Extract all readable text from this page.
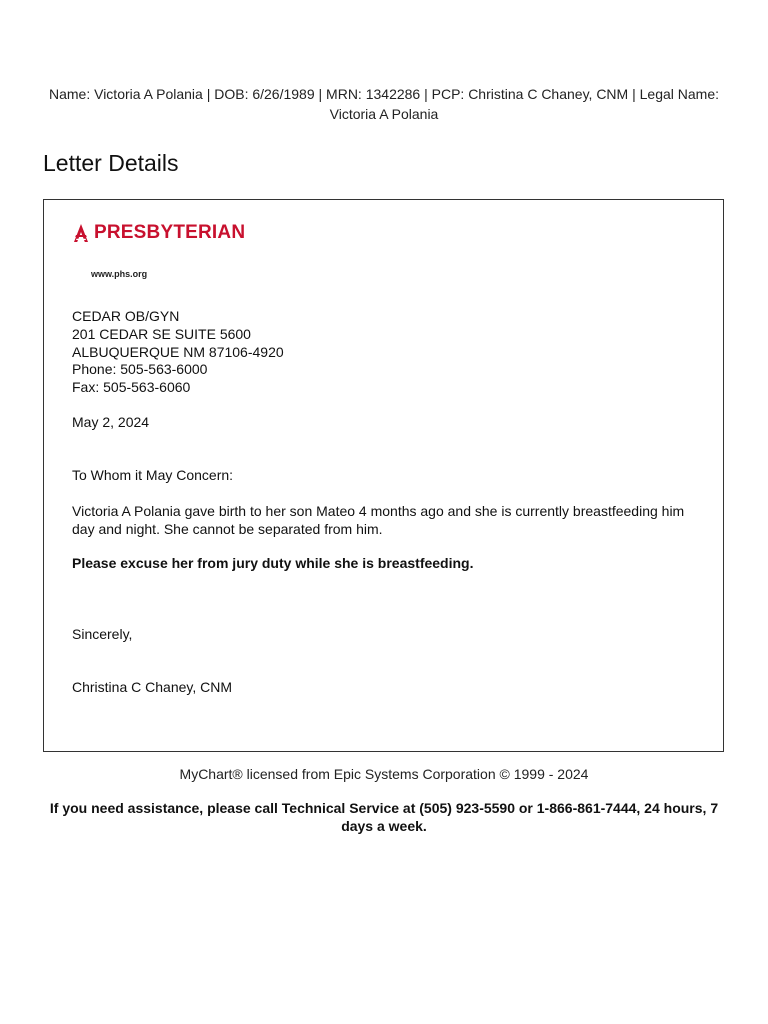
Name: Victoria A Polania | DOB: 6/26/1989 | MRN: 1342286 | PCP: Christina C Chaney, CNM | Legal Name: Victoria A Polania
Letter Details
PRESBYTERIAN
www.phs.org
CEDAR OB/GYN
201 CEDAR SE SUITE 5600
ALBUQUERQUE NM 87106-4920
Phone: 505-563-6000
Fax: 505-563-6060
May 2, 2024
To Whom it May Concern:
Victoria A Polania gave birth to her son Mateo 4 months ago and she is currently breastfeeding him day and night. She cannot be separated from him.
Please excuse her from jury duty while she is breastfeeding.
Sincerely,
Christina C Chaney, CNM
MyChart® licensed from Epic Systems Corporation © 1999 - 2024
If you need assistance, please call Technical Service at (505) 923-5590 or 1-866-861-7444, 24 hours, 7 days a week.
